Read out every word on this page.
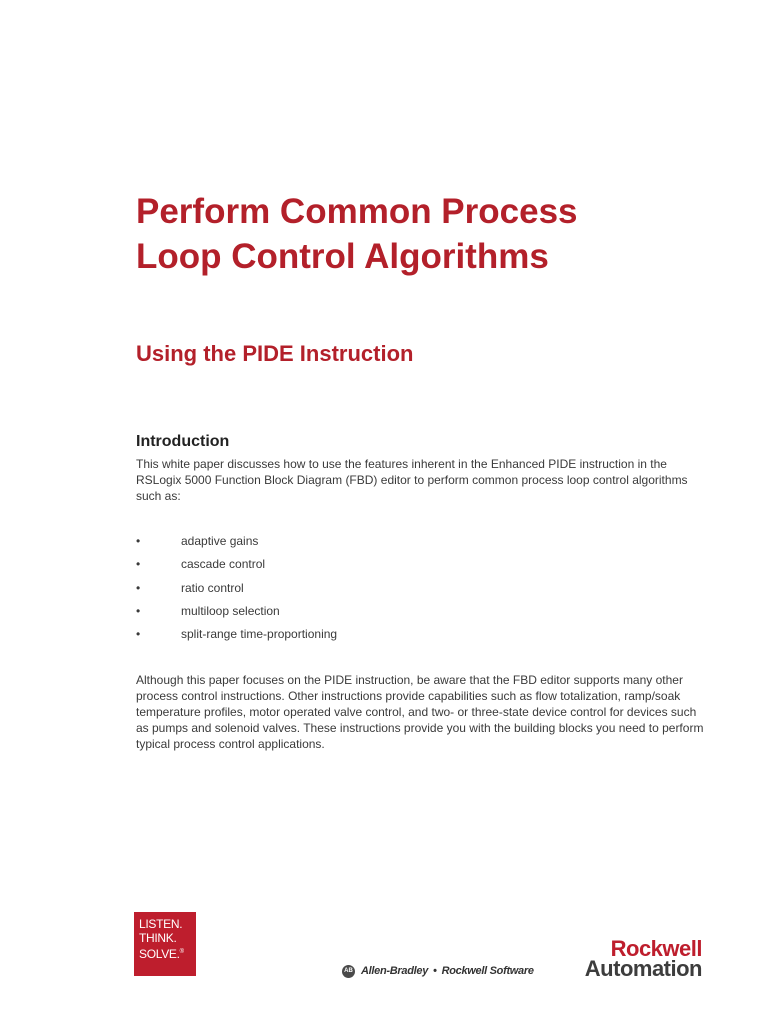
Perform Common Process
Loop Control Algorithms
Using the PIDE Instruction
Introduction

This white paper discusses how to use the features inherent in the Enhanced PIDE instruction in the RSLogix 5000 Function Block Diagram (FBD) editor to perform common process loop control algorithms such as:

•	adaptive gains
•	cascade control
•	ratio control
•	multiloop selection
•	split-range time-proportioning

Although this paper focuses on the PIDE instruction, be aware that the FBD editor supports many other process control instructions. Other instructions provide capabilities such as flow totalization, ramp/soak temperature profiles, motor operated valve control, and two- or three-state device control for devices such as pumps and solenoid valves. These instructions provide you with the building blocks you need to perform typical process control applications.

LISTEN.
THINK.
SOLVE.®
AB Allen-Bradley • Rockwell Software
Rockwell
Automation
